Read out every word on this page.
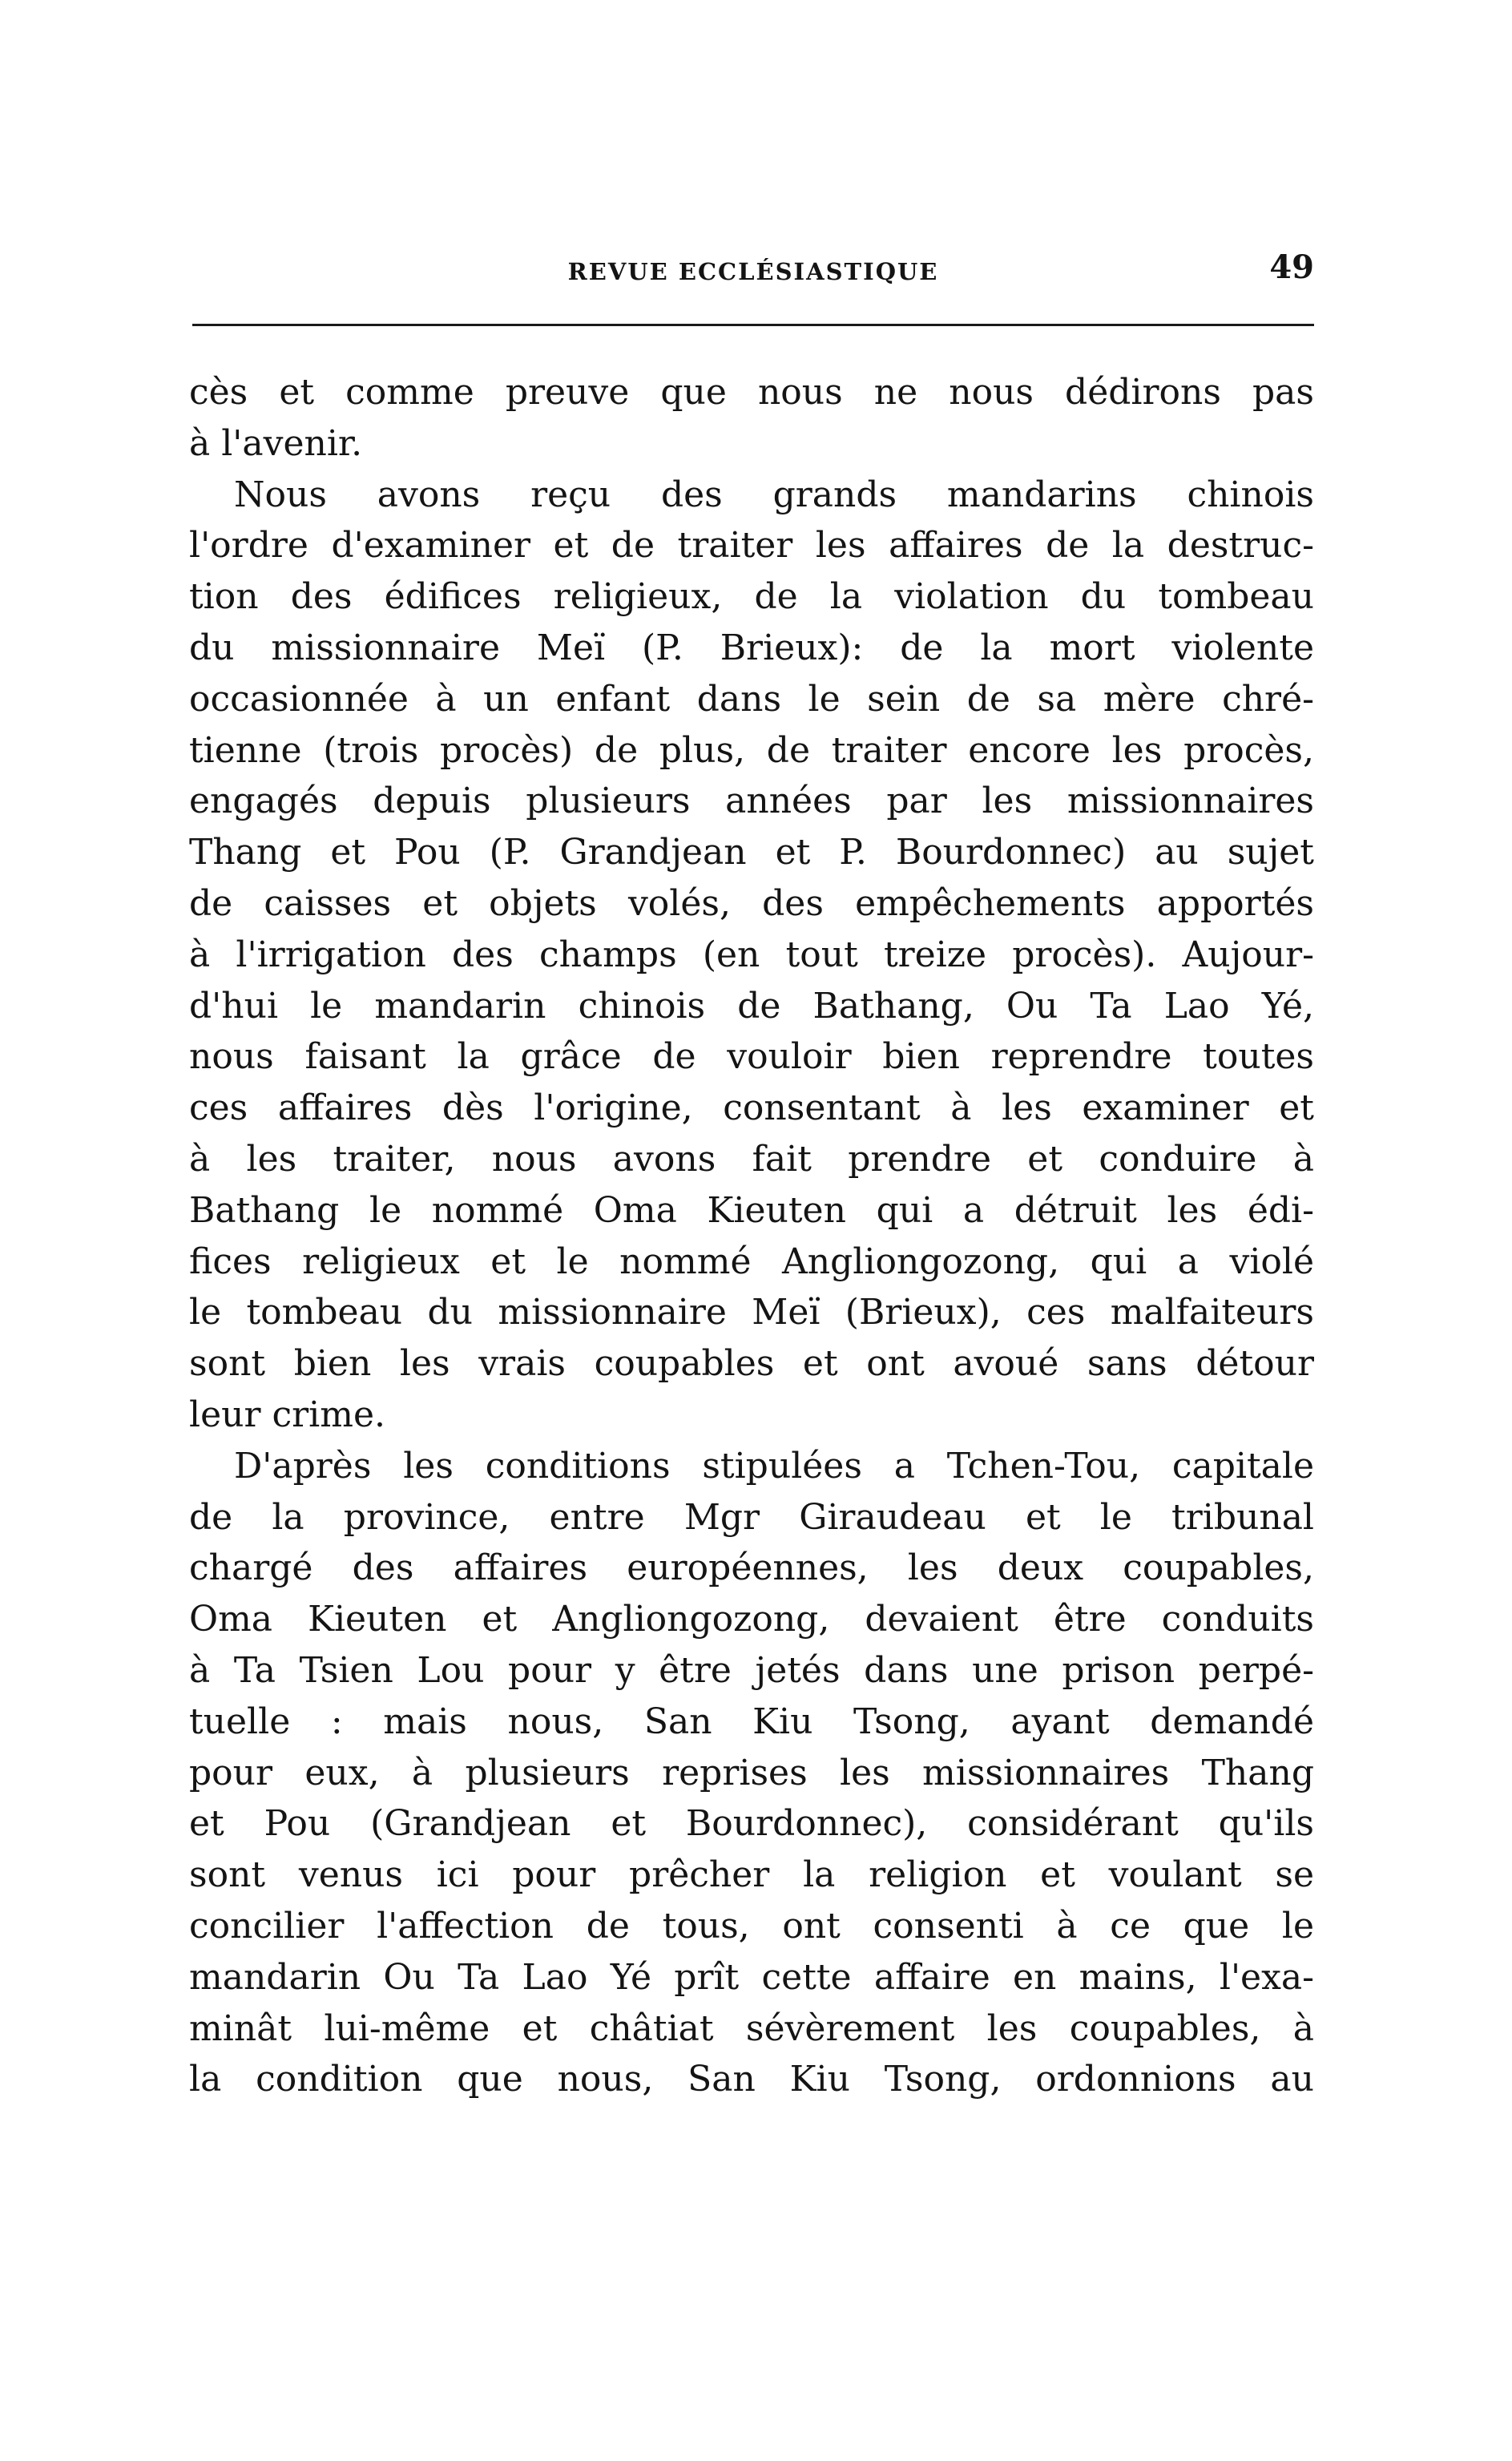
REVUE ECCLÉSIASTIQUE	49
cès et comme preuve que nous ne nous dédirons pas
à l'avenir.
Nous avons reçu des grands mandarins chinois
l'ordre d'examiner et de traiter les affaires de la destruc-
tion des édifices religieux, de la violation du tombeau
du missionnaire Meï (P. Brieux): de la mort violente
occasionnée à un enfant dans le sein de sa mère chré-
tienne (trois procès) de plus, de traiter encore les procès,
engagés depuis plusieurs années par les missionnaires
Thang et Pou (P. Grandjean et P. Bourdonnec) au sujet
de caisses et objets volés, des empêchements apportés
à l'irrigation des champs (en tout treize procès). Aujour-
d'hui le mandarin chinois de Bathang, Ou Ta Lao Yé,
nous faisant la grâce de vouloir bien reprendre toutes
ces affaires dès l'origine, consentant à les examiner et
à les traiter, nous avons fait prendre et conduire à
Bathang le nommé Oma Kieuten qui a détruit les édi-
fices religieux et le nommé Angliongozong, qui a violé
le tombeau du missionnaire Meï (Brieux), ces malfaiteurs
sont bien les vrais coupables et ont avoué sans détour
leur crime.
D'après les conditions stipulées a Tchen-Tou, capitale
de la province, entre Mgr Giraudeau et le tribunal
chargé des affaires européennes, les deux coupables,
Oma Kieuten et Angliongozong, devaient être conduits
à Ta Tsien Lou pour y être jetés dans une prison perpé-
tuelle : mais nous, San Kiu Tsong, ayant demandé
pour eux, à plusieurs reprises les missionnaires Thang
et Pou (Grandjean et Bourdonnec), considérant qu'ils
sont venus ici pour prêcher la religion et voulant se
concilier l'affection de tous, ont consenti à ce que le
mandarin Ou Ta Lao Yé prît cette affaire en mains, l'exa-
minât lui-même et châtiat sévèrement les coupables, à
la condition que nous, San Kiu Tsong, ordonnions au
